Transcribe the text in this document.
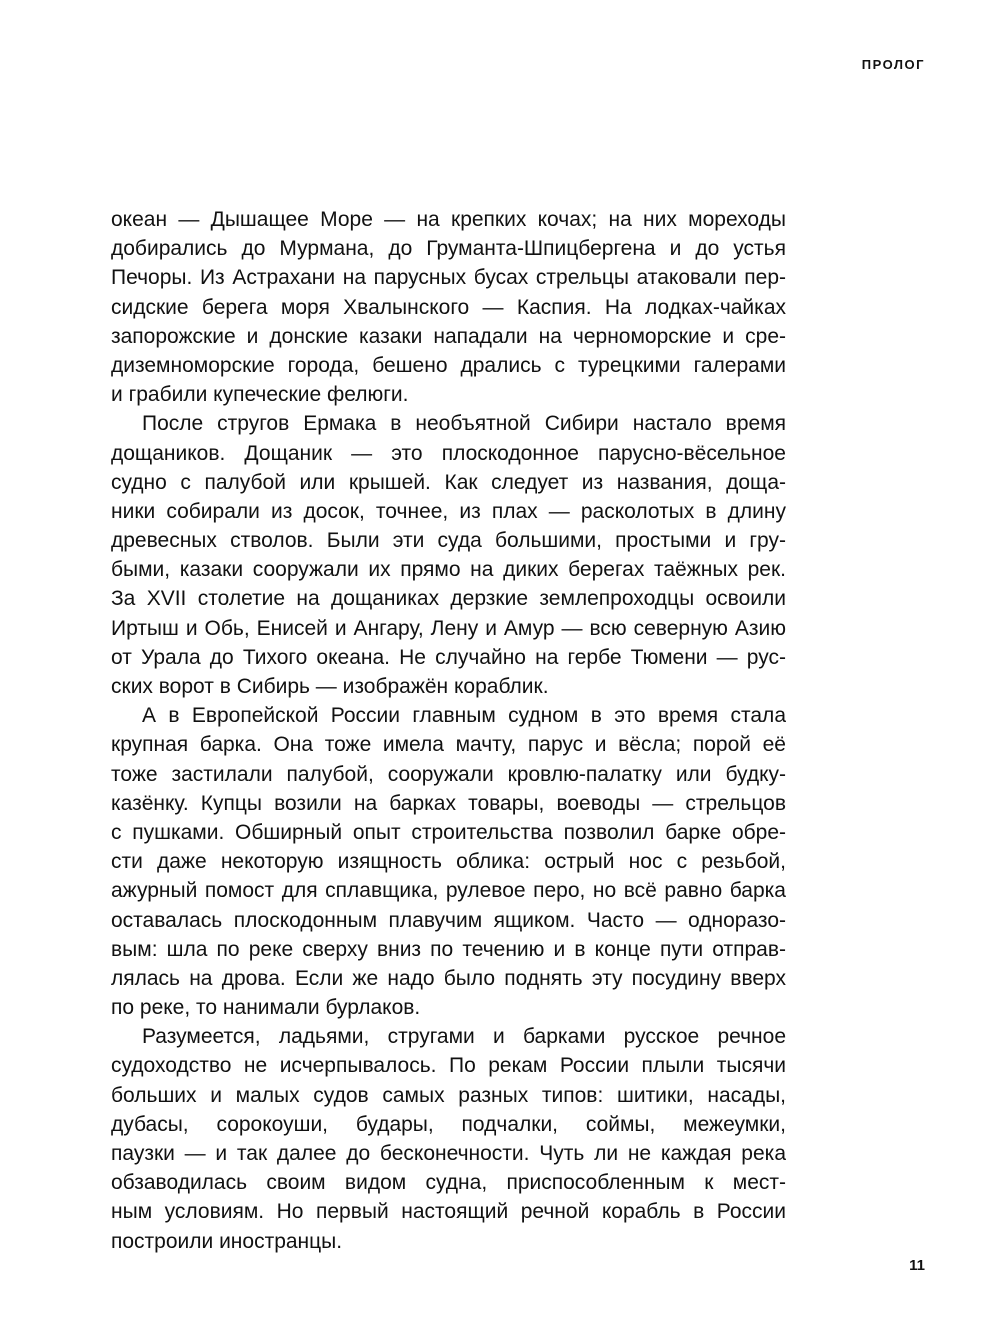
ПРОЛОГ
океан — Дышащее Море — на крепких кочах; на них мореходы
добирались до Мурмана, до Груманта-Шпицбергена и до устья
Печоры. Из Астрахани на парусных бусах стрельцы атаковали пер-
сидские берега моря Хвалынского — Каспия. На лодках-чайках
запорожские и донские казаки нападали на черноморские и сре-
диземноморские города, бешено дрались с турецкими галерами
и грабили купеческие фелюги.
После стругов Ермака в необъятной Сибири настало время
дощаников. Дощаник — это плоскодонное парусно-вёсельное
судно с палубой или крышей. Как следует из названия, доща-
ники собирали из досок, точнее, из плах — расколотых в длину
древесных стволов. Были эти суда большими, простыми и гру-
быми, казаки сооружали их прямо на диких берегах таёжных рек.
За XVII столетие на дощаниках дерзкие землепроходцы освоили
Иртыш и Обь, Енисей и Ангару, Лену и Амур — всю северную Азию
от Урала до Тихого океана. Не случайно на гербе Тюмени — рус-
ских ворот в Сибирь — изображён кораблик.
А в Европейской России главным судном в это время стала
крупная барка. Она тоже имела мачту, парус и вёсла; порой её
тоже застилали палубой, сооружали кровлю-палатку или будку-
казёнку. Купцы возили на барках товары, воеводы — стрельцов
с пушками. Обширный опыт строительства позволил барке обре-
сти даже некоторую изящность облика: острый нос с резьбой,
ажурный помост для сплавщика, рулевое перо, но всё равно барка
оставалась плоскодонным плавучим ящиком. Часто — одноразо-
вым: шла по реке сверху вниз по течению и в конце пути отправ-
лялась на дрова. Если же надо было поднять эту посудину вверх
по реке, то нанимали бурлаков.
Разумеется, ладьями, стругами и барками русское речное
судоходство не исчерпывалось. По рекам России плыли тысячи
больших и малых судов самых разных типов: шитики, насады,
дубасы, сорокоуши, будары, подчалки, соймы, межеумки,
паузки — и так далее до бесконечности. Чуть ли не каждая река
обзаводилась своим видом судна, приспособленным к мест-
ным условиям. Но первый настоящий речной корабль в России
построили иностранцы.
11
